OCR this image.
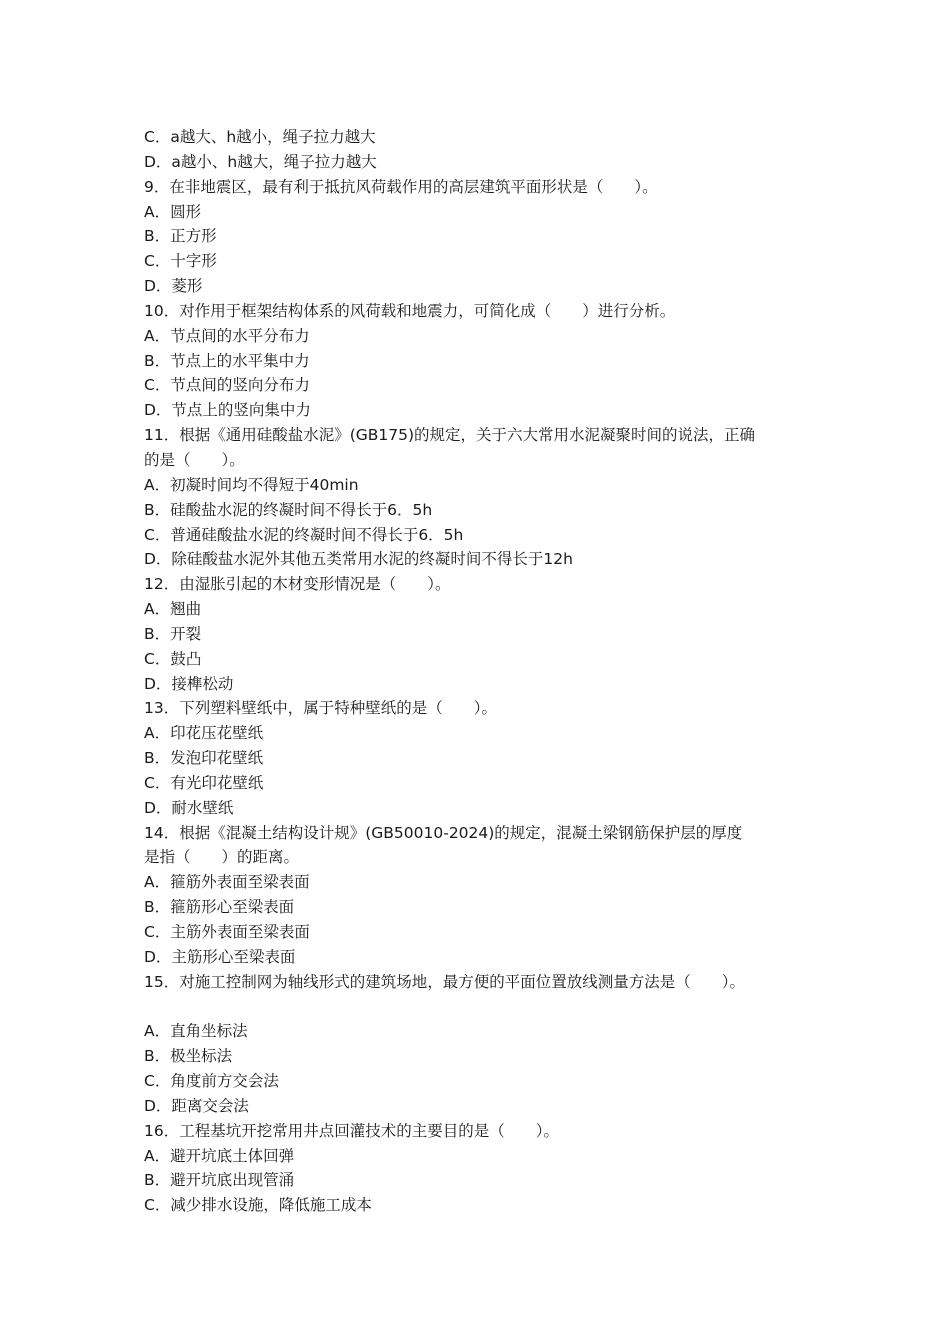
C．a越大、h越小，绳子拉力越大
D．a越小、h越大，绳子拉力越大
9．在非地震区，最有利于抵抗风荷载作用的高层建筑平面形状是（　　）。
A．圆形
B．正方形
C．十字形
D．菱形
10．对作用于框架结构体系的风荷载和地震力，可简化成（　　）进行分析。
A．节点间的水平分布力
B．节点上的水平集中力
C．节点间的竖向分布力
D．节点上的竖向集中力
11．根据《通用硅酸盐水泥》(GB175)的规定，关于六大常用水泥凝聚时间的说法，正确
的是（　　）。
A．初凝时间均不得短于40min
B．硅酸盐水泥的终凝时间不得长于6．5h
C．普通硅酸盐水泥的终凝时间不得长于6．5h
D．除硅酸盐水泥外其他五类常用水泥的终凝时间不得长于12h
12．由湿胀引起的木材变形情况是（　　）。
A．翘曲
B．开裂
C．鼓凸
D．接榫松动
13．下列塑料壁纸中，属于特种壁纸的是（　　）。
A．印花压花壁纸
B．发泡印花壁纸
C．有光印花壁纸
D．耐水壁纸
14．根据《混凝土结构设计规》(GB50010-2024)的规定，混凝土梁钢筋保护层的厚度
是指（　　）的距离。
A．箍筋外表面至梁表面
B．箍筋形心至梁表面
C．主筋外表面至梁表面
D．主筋形心至梁表面
15．对施工控制网为轴线形式的建筑场地，最方便的平面位置放线测量方法是（　　）。
A．直角坐标法
B．极坐标法
C．角度前方交会法
D．距离交会法
16．工程基坑开挖常用井点回灌技术的主要目的是（　　）。
A．避开坑底土体回弹
B．避开坑底出现管涌
C．减少排水设施，降低施工成本
